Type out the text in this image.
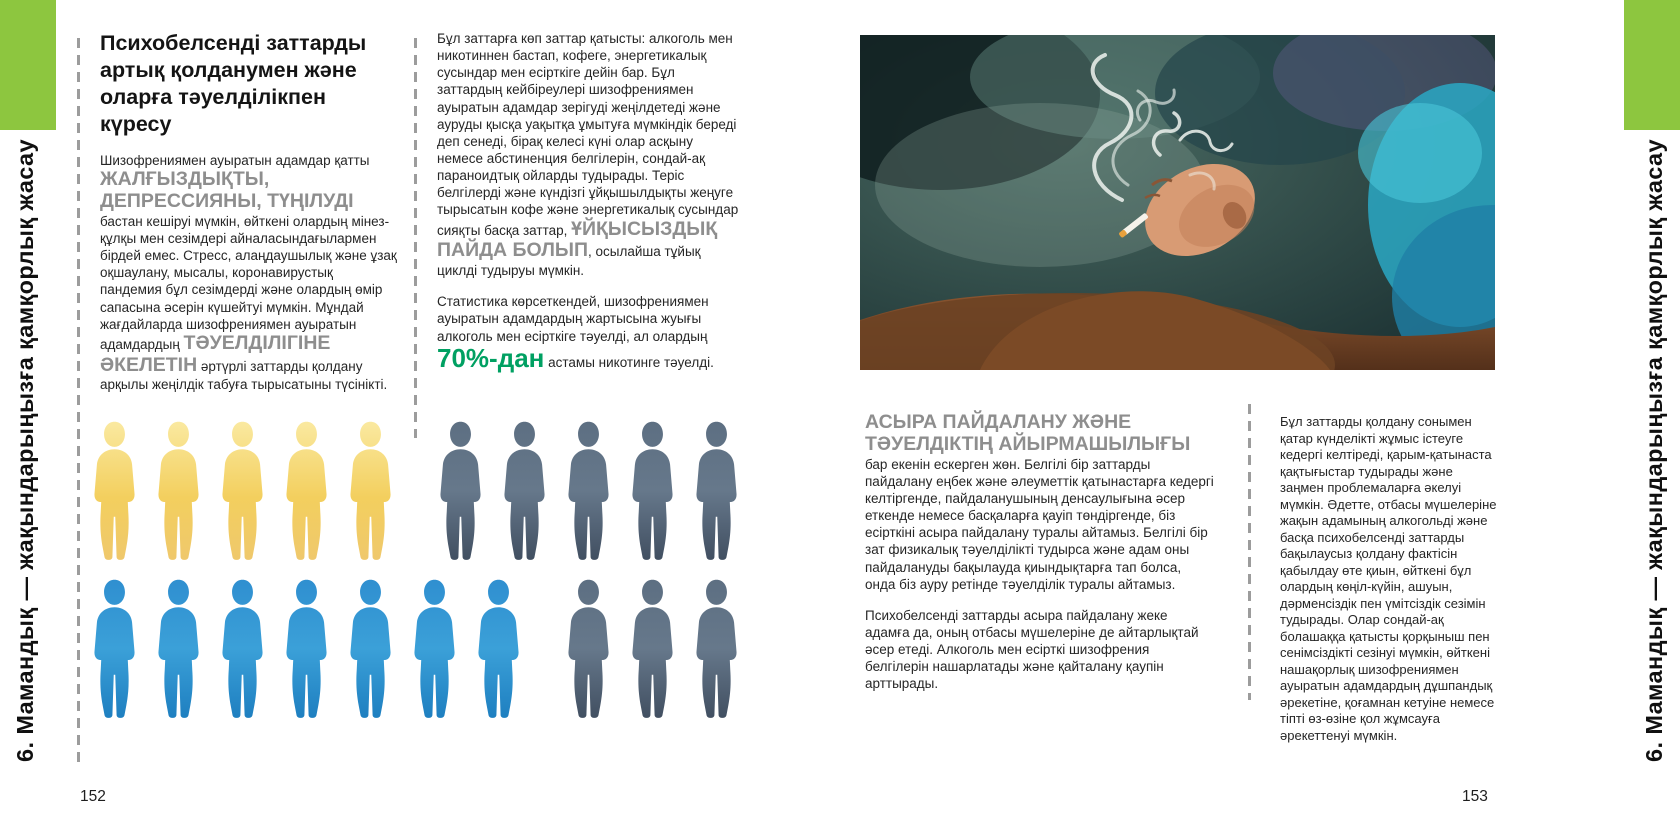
6. Мамандық — жақындарыңызға қамқорлық жасау	6. Мамандық — жақындарыңызға қамқорлық жасау
Психобелсенді заттарды артық қолданумен және оларға тәуелділікпен күресу

Шизофрениямен ауыратын адамдар қатты ЖАЛҒЫЗДЫҚТЫ, ДЕПРЕССИЯНЫ, ТҮҢІЛУДІ бастан кешіруі мүмкін, өйткені олардың мінез-құлқы мен сезімдері айналасындағылармен бірдей емес. Стресс, алаңдаушылық және ұзақ оқшаулану, мысалы, коронавирустық пандемия бұл сезімдерді және олардың өмір сапасына әсерін күшейтуі мүмкін. Мұндай жағдайларда шизофрениямен ауыратын адамдардың ТӘУЕЛДІЛІГІНЕ ӘКЕЛЕТІН әртүрлі заттарды қолдану арқылы жеңілдік табуға тырысатыны түсінікті.

Бұл заттарға көп заттар қатысты: алкоголь мен никотиннен бастап, кофеге, энергетикалық сусындар мен есірткіге дейін бар. Бұл заттардың кейбіреулері шизофрениямен ауыратын адамдар зерігуді жеңілдетеді және ауруды қысқа уақытқа ұмытуға мүмкіндік береді деп сенеді, бірақ келесі күні олар асқыну немесе абстиненция белгілерін, сондай-ақ параноидтық ойларды тудырады. Теріс белгілерді және күндізгі ұйқышылдықты жеңуге тырысатын кофе және энергетикалық сусындар сияқты басқа заттар, ҰЙҚЫСЫЗДЫҚ ПАЙДА БОЛЫП, осылайша тұйық циклді тудыруы мүмкін.

Статистика көрсеткендей, шизофрениямен ауыратын адамдардың жартысына жуығы алкоголь мен есірткіге тәуелді, ал олардың 70%-дан астамы никотинге тәуелді.

152

АСЫРА ПАЙДАЛАНУ ЖӘНЕ ТӘУЕЛДІКТІҢ АЙЫРМАШЫЛЫҒЫ бар екенін ескерген жөн. Белгілі бір заттарды пайдалану еңбек және әлеуметтік қатынастарға кедергі келтіргенде, пайдаланушының денсаулығына әсер еткенде немесе басқаларға қауіп төндіргенде, біз есірткіні асыра пайдалану туралы айтамыз. Белгілі бір зат физикалық тәуелділікті тудырса және адам оны пайдалануды бақылауда қиындықтарға тап болса, онда біз ауру ретінде тәуелділік туралы айтамыз.

Психобелсенді заттарды асыра пайдалану жеке адамға да, оның отбасы мүшелеріне де айтарлықтай әсер етеді. Алкоголь мен есірткі шизофрения белгілерін нашарлатады және қайталану қаупін арттырады.

Бұл заттарды қолдану сонымен қатар күнделікті жұмыс істеуге кедергі келтіреді, қарым-қатынаста қақтығыстар тудырады және заңмен проблемаларға әкелуі мүмкін. Әдетте, отбасы мүшелеріне жақын адамының алкогольді және басқа психобелсенді заттарды бақылаусыз қолдану фактісін қабылдау өте қиын, өйткені бұл олардың көңіл-күйін, ашуын, дәрменсіздік пен үмітсіздік сезімін тудырады. Олар сондай-ақ болашаққа қатысты қорқыныш пен сенімсіздікті сезінуі мүмкін, өйткені нашақорлық шизофрениямен ауыратын адамдардың дұшпандық әрекетіне, қоғамнан кетуіне немесе тіпті өз-өзіне қол жұмсауға әрекеттенуі мүмкін.

153
